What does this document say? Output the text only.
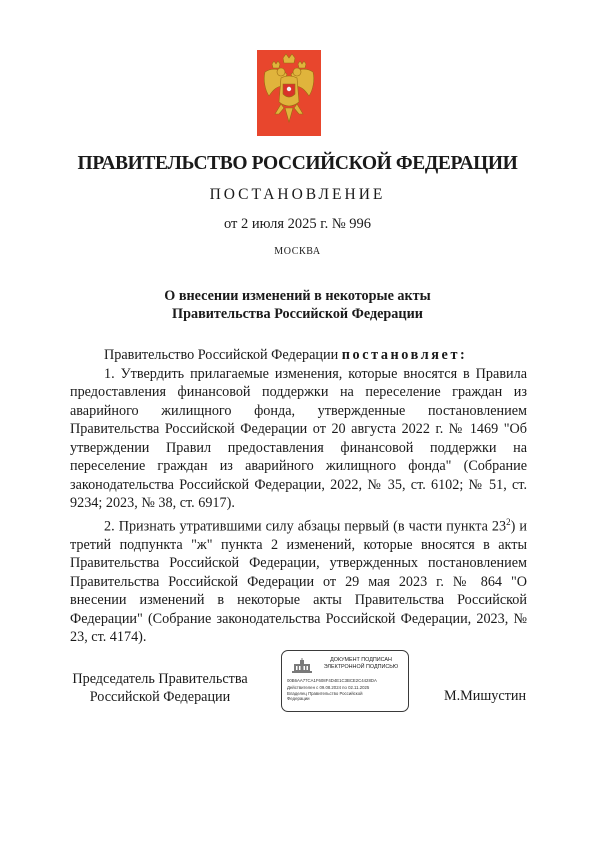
ПРАВИТЕЛЬСТВО РОССИЙСКОЙ ФЕДЕРАЦИИ
ПОСТАНОВЛЕНИЕ
от 2 июля 2025 г. № 996
МОСКВА
О внесении изменений в некоторые акты
Правительства Российской Федерации

Правительство Российской Федерации постановляет:

1. Утвердить прилагаемые изменения, которые вносятся в Правила предоставления финансовой поддержки на переселение граждан из аварийного жилищного фонда, утвержденные постановлением Правительства Российской Федерации от 20 августа 2022 г. № 1469 "Об утверждении Правил предоставления финансовой поддержки на переселение граждан из аварийного жилищного фонда" (Собрание законодательства Российской Федерации, 2022, № 35, ст. 6102; № 51, ст. 9234; 2023, № 38, ст. 6917).

2. Признать утратившими силу абзацы первый (в части пункта $23^2$) и третий подпункта "ж" пункта 2 изменений, которые вносятся в акты Правительства Российской Федерации, утвержденных постановлением Правительства Российской Федерации от 29 мая 2023 г. № 864 "О внесении изменений в некоторые акты Правительства Российской Федерации" (Собрание законодательства Российской Федерации, 2023, № 23, ст. 4174).

Председатель Правительства
Российской Федерации
ДОКУМЕНТ ПОДПИСАН
ЭЛЕКТРОННОЙ ПОДПИСЬЮ
00B6AA77CA1F608F4D4E1C3BCE2C4428DA
Действителен с 09.08.2024 по 02.11.2025
Владелец Правительство Российской
Федерации	М.Мишустин
